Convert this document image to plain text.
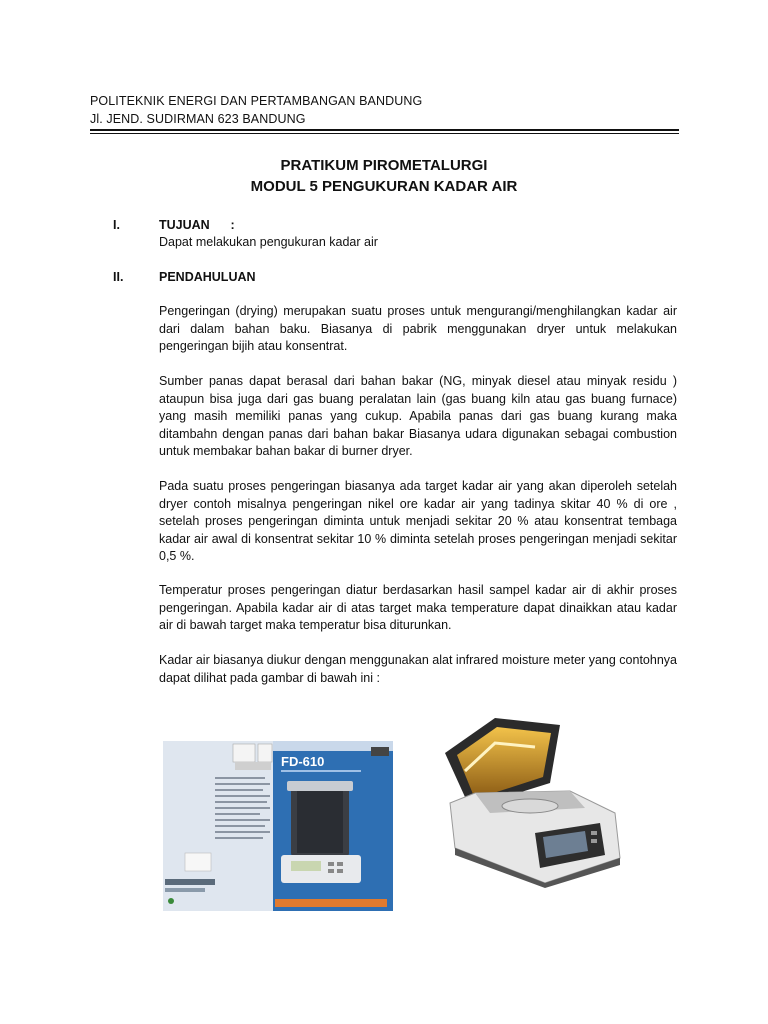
POLITEKNIK ENERGI DAN PERTAMBANGAN BANDUNG
Jl. JEND. SUDIRMAN 623 BANDUNG
PRATIKUM PIROMETALURGI
MODUL 5 PENGUKURAN KADAR AIR
I.	TUJUAN      :
Dapat melakukan pengukuran kadar air
II.	PENDAHULUAN
Pengeringan (drying) merupakan suatu proses untuk mengurangi/menghilangkan kadar air dari dalam bahan baku. Biasanya di pabrik menggunakan dryer untuk melakukan pengeringan bijih atau konsentrat.
Sumber panas dapat berasal dari bahan bakar (NG, minyak diesel atau minyak residu ) ataupun bisa juga dari gas buang peralatan lain (gas buang kiln atau gas buang furnace) yang masih memiliki panas yang cukup. Apabila panas dari gas buang kurang maka ditambahn dengan panas dari bahan bakar Biasanya udara digunakan sebagai combustion untuk membakar bahan bakar di burner dryer.
Pada suatu proses pengeringan biasanya ada target kadar air yang akan diperoleh setelah dryer contoh misalnya pengeringan nikel ore kadar air yang tadinya skitar 40 % di ore , setelah proses pengeringan diminta untuk menjadi sekitar 20 % atau konsentrat tembaga kadar air awal di konsentrat sekitar 10 % diminta setelah proses pengeringan menjadi sekitar 0,5 %.
Temperatur proses pengeringan diatur berdasarkan hasil sampel kadar air di akhir proses pengeringan. Apabila kadar air di atas target maka temperature dapat dinaikkan atau kadar air di bawah target maka temperatur bisa diturunkan.
Kadar air biasanya diukur dengan menggunakan alat infrared moisture meter yang contohnya dapat dilihat pada gambar di bawah ini :
FD-610
